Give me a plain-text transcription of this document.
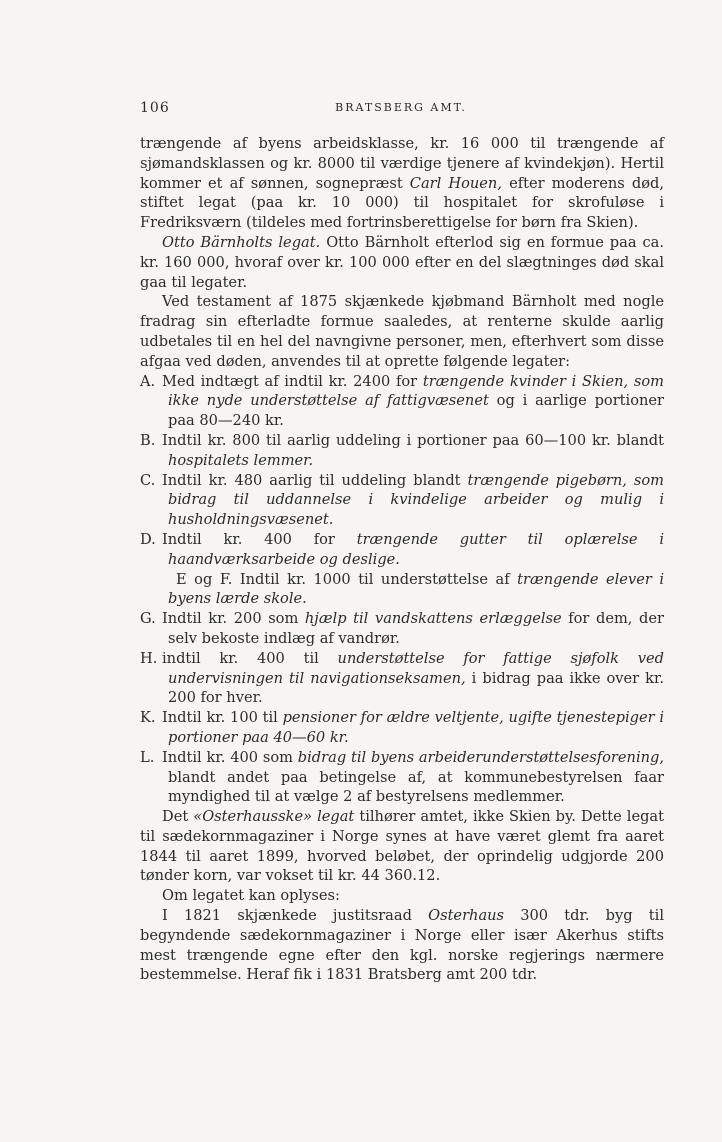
106	BRATSBERG AMT.

trængende af byens arbeidsklasse, kr. 16 000 til trængende af sjømandsklassen og kr. 8000 til værdige tjenere af kvindekjøn). Hertil kommer et af sønnen, sognepræst Carl Houen, efter moderens død, stiftet legat (paa kr. 10 000) til hospitalet for skrofuløse i Fredriksværn (tildeles med fortrinsberettigelse for børn fra Skien).

Otto Bärnholts legat. Otto Bärnholt efterlod sig en formue paa ca. kr. 160 000, hvoraf over kr. 100 000 efter en del slægtninges død skal gaa til legater.

Ved testament af 1875 skjænkede kjøbmand Bärnholt med nogle fradrag sin efterladte formue saaledes, at renterne skulde aarlig udbetales til en hel del navngivne personer, men, efterhvert som disse afgaa ved døden, anvendes til at oprette følgende legater:

A. Med indtægt af indtil kr. 2400 for trængende kvinder i Skien, som ikke nyde understøttelse af fattigvæsenet og i aarlige portioner paa 80—240 kr.

B. Indtil kr. 800 til aarlig uddeling i portioner paa 60—100 kr. blandt hospitalets lemmer.

C. Indtil kr. 480 aarlig til uddeling blandt trængende pigebørn, som bidrag til uddannelse i kvindelige arbeider og mulig i husholdningsvæsenet.

D. Indtil kr. 400 for trængende gutter til oplærelse i haandværksarbeide og deslige.

E og F. Indtil kr. 1000 til understøttelse af trængende elever i byens lærde skole.

G. Indtil kr. 200 som hjælp til vandskattens erlæggelse for dem, der selv bekoste indlæg af vandrør.

H. indtil kr. 400 til understøttelse for fattige sjøfolk ved undervisningen til navigationseksamen, i bidrag paa ikke over kr. 200 for hver.

K. Indtil kr. 100 til pensioner for ældre veltjente, ugifte tjenestepiger i portioner paa 40—60 kr.

L. Indtil kr. 400 som bidrag til byens arbeiderunderstøttelsesforening, blandt andet paa betingelse af, at kommunebestyrelsen faar myndighed til at vælge 2 af bestyrelsens medlemmer.

Det «Osterhausske» legat tilhører amtet, ikke Skien by. Dette legat til sædekornmagaziner i Norge synes at have været glemt fra aaret 1844 til aaret 1899, hvorved beløbet, der oprindelig udgjorde 200 tønder korn, var vokset til kr. 44 360.12.

Om legatet kan oplyses:

I 1821 skjænkede justitsraad Osterhaus 300 tdr. byg til begyndende sædekornmagaziner i Norge eller især Akerhus stifts mest trængende egne efter den kgl. norske regjerings nærmere bestemmelse. Heraf fik i 1831 Bratsberg amt 200 tdr.
